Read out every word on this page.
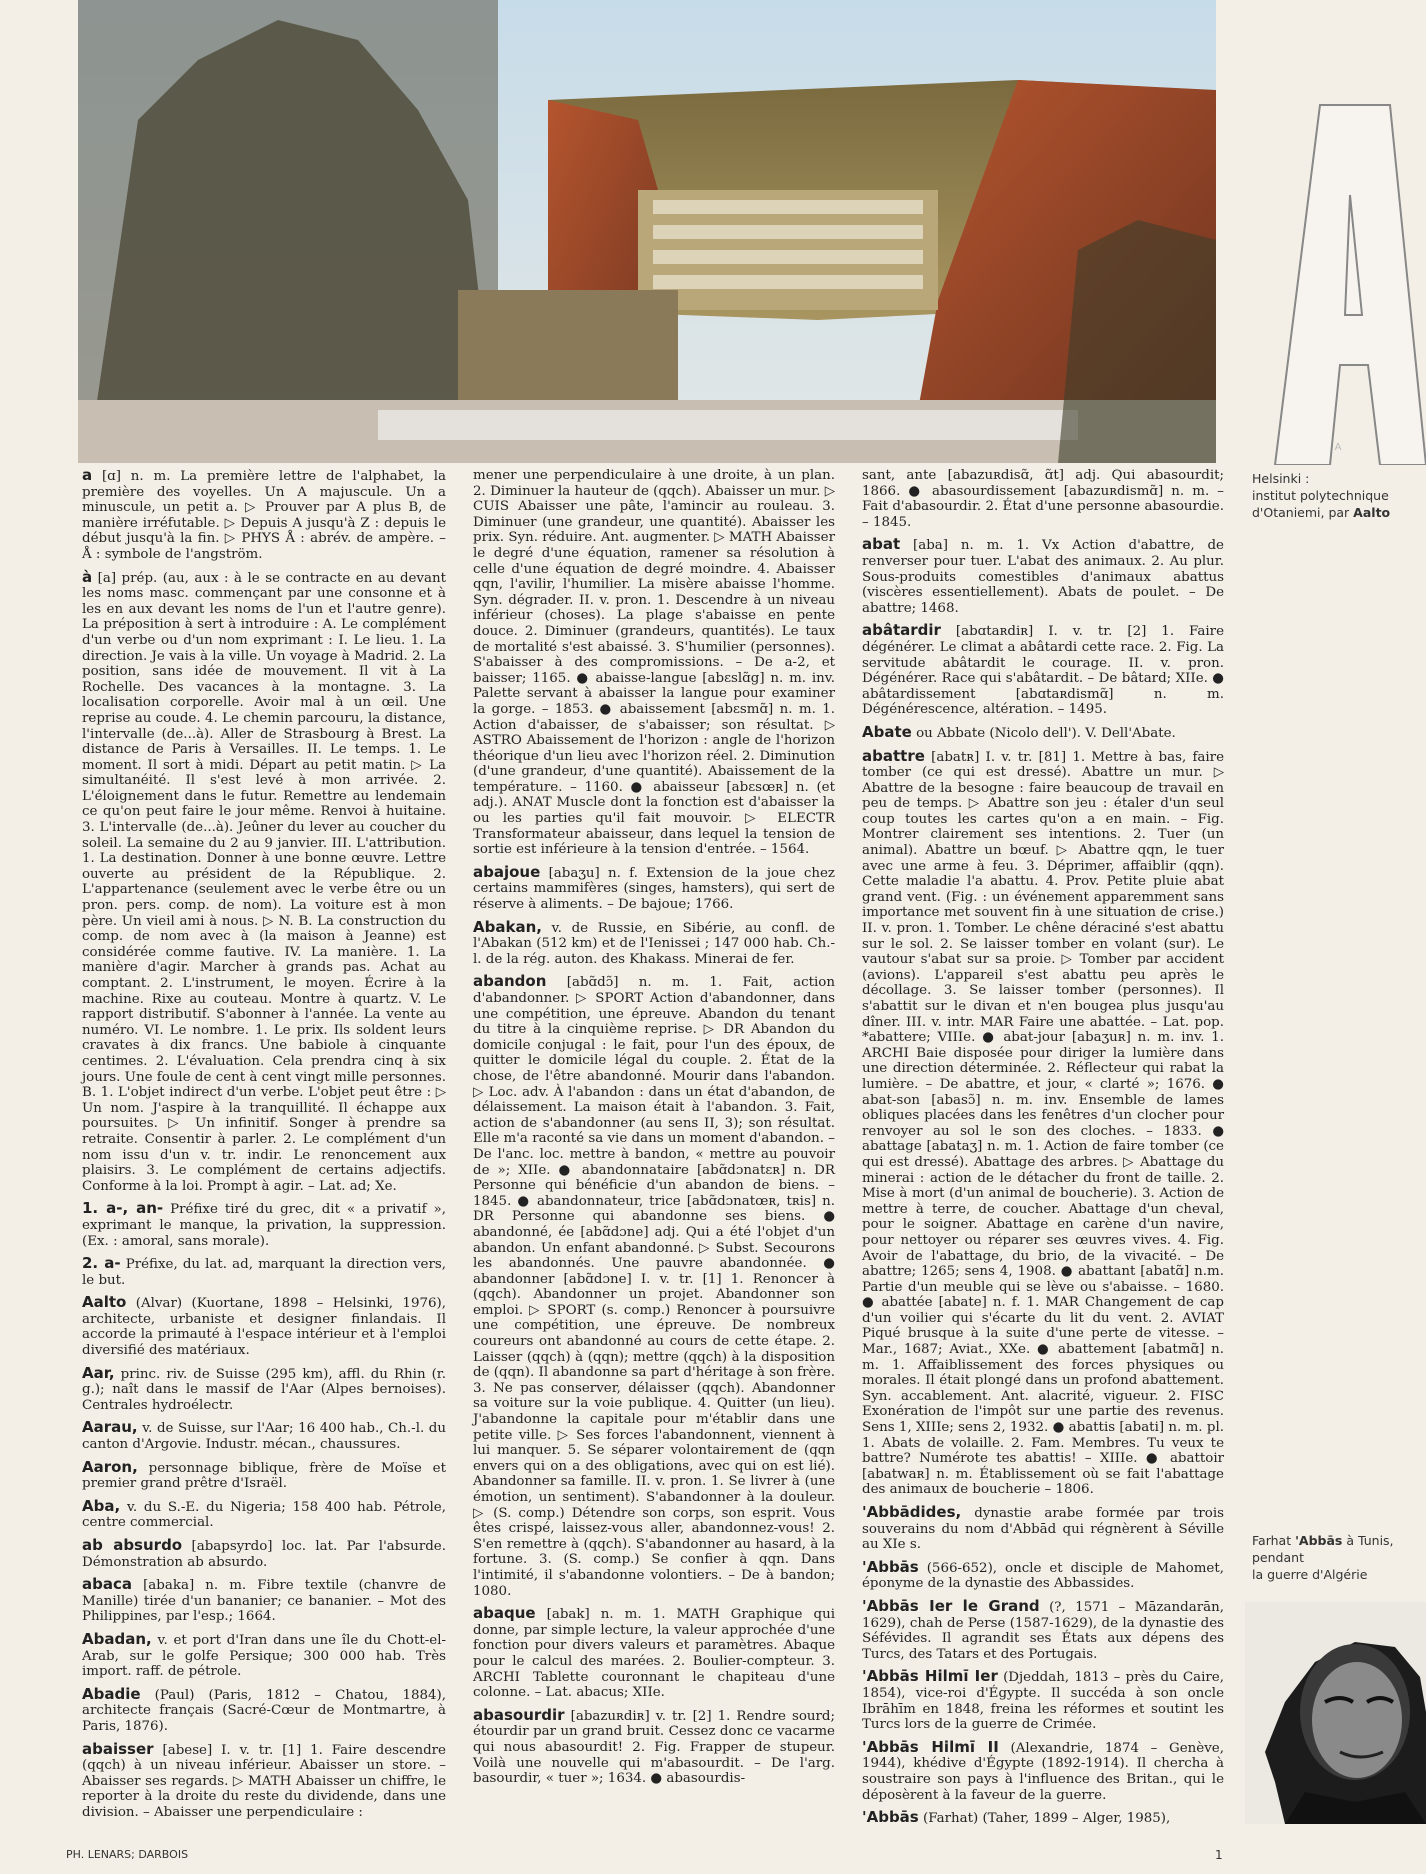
A
Helsinki :
institut polytechnique
d'Otaniemi, par Aalto
a [ɑ] n. m. La première lettre de l'alphabet, la première des voyelles. Un A majuscule. Un a minuscule, un petit a. ▷ Prouver par A plus B, de manière irréfutable. ▷ Depuis A jusqu'à Z : depuis le début jusqu'à la fin. ▷ PHYS Å : abrév. de ampère. – Å : symbole de l'angström.
à [a] prép. (au, aux : à le se contracte en au devant les noms masc. commençant par une consonne et à les en aux devant les noms de l'un et l'autre genre). La préposition à sert à introduire : A. Le complément d'un verbe ou d'un nom exprimant : I. Le lieu. 1. La direction. Je vais à la ville. Un voyage à Madrid. 2. La position, sans idée de mouvement. Il vit à La Rochelle. Des vacances à la montagne. 3. La localisation corporelle. Avoir mal à un œil. Une reprise au coude. 4. Le chemin parcouru, la distance, l'intervalle (de...à). Aller de Strasbourg à Brest. La distance de Paris à Versailles. II. Le temps. 1. Le moment. Il sort à midi. Départ au petit matin. ▷ La simultanéité. Il s'est levé à mon arrivée. 2. L'éloignement dans le futur. Remettre au lendemain ce qu'on peut faire le jour même. Renvoi à huitaine. 3. L'intervalle (de...à). Jeûner du lever au coucher du soleil. La semaine du 2 au 9 janvier. III. L'attribution. 1. La destination. Donner à une bonne œuvre. Lettre ouverte au président de la République. 2. L'appartenance (seulement avec le verbe être ou un pron. pers. comp. de nom). La voiture est à mon père. Un vieil ami à nous. ▷ N. B. La construction du comp. de nom avec à (la maison à Jeanne) est considérée comme fautive. IV. La manière. 1. La manière d'agir. Marcher à grands pas. Achat au comptant. 2. L'instrument, le moyen. Écrire à la machine. Rixe au couteau. Montre à quartz. V. Le rapport distributif. S'abonner à l'année. La vente au numéro. VI. Le nombre. 1. Le prix. Ils soldent leurs cravates à dix francs. Une babiole à cinquante centimes. 2. L'évaluation. Cela prendra cinq à six jours. Une foule de cent à cent vingt mille personnes. B. 1. L'objet indirect d'un verbe. L'objet peut être : ▷ Un nom. J'aspire à la tranquillité. Il échappe aux poursuites. ▷ Un infinitif. Songer à prendre sa retraite. Consentir à parler. 2. Le complément d'un nom issu d'un v. tr. indir. Le renoncement aux plaisirs. 3. Le complément de certains adjectifs. Conforme à la loi. Prompt à agir. – Lat. ad; Xe.
1. a-, an- Préfixe tiré du grec, dit « a privatif », exprimant le manque, la privation, la suppression. (Ex. : amoral, sans morale).
2. a- Préfixe, du lat. ad, marquant la direction vers, le but.
Aalto (Alvar) (Kuortane, 1898 – Helsinki, 1976), architecte, urbaniste et designer finlandais. Il accorde la primauté à l'espace intérieur et à l'emploi diversifié des matériaux.
Aar, princ. riv. de Suisse (295 km), affl. du Rhin (r. g.); naît dans le massif de l'Aar (Alpes bernoises). Centrales hydroélectr.
Aarau, v. de Suisse, sur l'Aar; 16 400 hab., Ch.-l. du canton d'Argovie. Industr. mécan., chaussures.
Aaron, personnage biblique, frère de Moïse et premier grand prêtre d'Israël.
Aba, v. du S.-E. du Nigeria; 158 400 hab. Pétrole, centre commercial.
ab absurdo [abapsyrdo] loc. lat. Par l'absurde. Démonstration ab absurdo.
abaca [abaka] n. m. Fibre textile (chanvre de Manille) tirée d'un bananier; ce bananier. – Mot des Philippines, par l'esp.; 1664.
Abadan, v. et port d'Iran dans une île du Chott-el-Arab, sur le golfe Persique; 300 000 hab. Très import. raff. de pétrole.
Abadie (Paul) (Paris, 1812 – Chatou, 1884), architecte français (Sacré-Cœur de Montmartre, à Paris, 1876).
abaisser [abese] I. v. tr. [1] 1. Faire descendre (qqch) à un niveau inférieur. Abaisser un store. – Abaisser ses regards. ▷ MATH Abaisser un chiffre, le reporter à la droite du reste du dividende, dans une division. – Abaisser une perpendiculaire :
mener une perpendiculaire à une droite, à un plan. 2. Diminuer la hauteur de (qqch). Abaisser un mur. ▷ CUIS Abaisser une pâte, l'amincir au rouleau. 3. Diminuer (une grandeur, une quantité). Abaisser les prix. Syn. réduire. Ant. augmenter. ▷ MATH Abaisser le degré d'une équation, ramener sa résolution à celle d'une équation de degré moindre. 4. Abaisser qqn, l'avilir, l'humilier. La misère abaisse l'homme. Syn. dégrader. II. v. pron. 1. Descendre à un niveau inférieur (choses). La plage s'abaisse en pente douce. 2. Diminuer (grandeurs, quantités). Le taux de mortalité s'est abaissé. 3. S'humilier (personnes). S'abaisser à des compromissions. – De a-2, et baisser; 1165. ● abaisse-langue [abɛslɑ̃g] n. m. inv. Palette servant à abaisser la langue pour examiner la gorge. – 1853. ● abaissement [abɛsmɑ̃] n. m. 1. Action d'abaisser, de s'abaisser; son résultat. ▷ ASTRO Abaissement de l'horizon : angle de l'horizon théorique d'un lieu avec l'horizon réel. 2. Diminution (d'une grandeur, d'une quantité). Abaissement de la température. – 1160. ● abaisseur [abɛsœʀ] n. (et adj.). ANAT Muscle dont la fonction est d'abaisser la ou les parties qu'il fait mouvoir. ▷ ELECTR Transformateur abaisseur, dans lequel la tension de sortie est inférieure à la tension d'entrée. – 1564.
abajoue [abaʒu] n. f. Extension de la joue chez certains mammifères (singes, hamsters), qui sert de réserve à aliments. – De bajoue; 1766.
Abakan, v. de Russie, en Sibérie, au confl. de l'Abakan (512 km) et de l'Ienissei ; 147 000 hab. Ch.-l. de la rég. auton. des Khakass. Minerai de fer.
abandon [abɑ̃dɔ̃] n. m. 1. Fait, action d'abandonner. ▷ SPORT Action d'abandonner, dans une compétition, une épreuve. Abandon du tenant du titre à la cinquième reprise. ▷ DR Abandon du domicile conjugal : le fait, pour l'un des époux, de quitter le domicile légal du couple. 2. État de la chose, de l'être abandonné. Mourir dans l'abandon. ▷ Loc. adv. À l'abandon : dans un état d'abandon, de délaissement. La maison était à l'abandon. 3. Fait, action de s'abandonner (au sens II, 3); son résultat. Elle m'a raconté sa vie dans un moment d'abandon. – De l'anc. loc. mettre à bandon, « mettre au pouvoir de »; XIIe. ● abandonnataire [abɑ̃dɔnatɛʀ] n. DR Personne qui bénéficie d'un abandon de biens. – 1845. ● abandonnateur, trice [abɑ̃dɔnatœʀ, tʀis] n. DR Personne qui abandonne ses biens. ● abandonné, ée [abɑ̃dɔne] adj. Qui a été l'objet d'un abandon. Un enfant abandonné. ▷ Subst. Secourons les abandonnés. Une pauvre abandonnée. ● abandonner [abɑ̃dɔne] I. v. tr. [1] 1. Renoncer à (qqch). Abandonner un projet. Abandonner son emploi. ▷ SPORT (s. comp.) Renoncer à poursuivre une compétition, une épreuve. De nombreux coureurs ont abandonné au cours de cette étape. 2. Laisser (qqch) à (qqn); mettre (qqch) à la disposition de (qqn). Il abandonne sa part d'héritage à son frère. 3. Ne pas conserver, délaisser (qqch). Abandonner sa voiture sur la voie publique. 4. Quitter (un lieu). J'abandonne la capitale pour m'établir dans une petite ville. ▷ Ses forces l'abandonnent, viennent à lui manquer. 5. Se séparer volontairement de (qqn envers qui on a des obligations, avec qui on est lié). Abandonner sa famille. II. v. pron. 1. Se livrer à (une émotion, un sentiment). S'abandonner à la douleur. ▷ (S. comp.) Détendre son corps, son esprit. Vous êtes crispé, laissez-vous aller, abandonnez-vous! 2. S'en remettre à (qqch). S'abandonner au hasard, à la fortune. 3. (S. comp.) Se confier à qqn. Dans l'intimité, il s'abandonne volontiers. – De à bandon; 1080.
abaque [abak] n. m. 1. MATH Graphique qui donne, par simple lecture, la valeur approchée d'une fonction pour divers valeurs et paramètres. Abaque pour le calcul des marées. 2. Boulier-compteur. 3. ARCHI Tablette couronnant le chapiteau d'une colonne. – Lat. abacus; XIIe.
abasourdir [abazuʀdiʀ] v. tr. [2] 1. Rendre sourd; étourdir par un grand bruit. Cessez donc ce vacarme qui nous abasourdit! 2. Fig. Frapper de stupeur. Voilà une nouvelle qui m'abasourdit. – De l'arg. basourdir, « tuer »; 1634. ● abasourdis-
sant, ante [abazuʀdisɑ̃, ɑ̃t] adj. Qui abasourdit; 1866. ● abasourdissement [abazuʀdismɑ̃] n. m. – Fait d'abasourdir. 2. État d'une personne abasourdie. – 1845.
abat [aba] n. m. 1. Vx Action d'abattre, de renverser pour tuer. L'abat des animaux. 2. Au plur. Sous-produits comestibles d'animaux abattus (viscères essentiellement). Abats de poulet. – De abattre; 1468.
abâtardir [abɑtaʀdiʀ] I. v. tr. [2] 1. Faire dégénérer. Le climat a abâtardi cette race. 2. Fig. La servitude abâtardit le courage. II. v. pron. Dégénérer. Race qui s'abâtardit. – De bâtard; XIIe. ● abâtardissement [abɑtaʀdismɑ̃] n. m. Dégénérescence, altération. – 1495.
Abate ou Abbate (Nicolo dell'). V. Dell'Abate.
abattre [abatʀ] I. v. tr. [81] 1. Mettre à bas, faire tomber (ce qui est dressé). Abattre un mur. ▷ Abattre de la besogne : faire beaucoup de travail en peu de temps. ▷ Abattre son jeu : étaler d'un seul coup toutes les cartes qu'on a en main. – Fig. Montrer clairement ses intentions. 2. Tuer (un animal). Abattre un bœuf. ▷ Abattre qqn, le tuer avec une arme à feu. 3. Déprimer, affaiblir (qqn). Cette maladie l'a abattu. 4. Prov. Petite pluie abat grand vent. (Fig. : un événement apparemment sans importance met souvent fin à une situation de crise.) II. v. pron. 1. Tomber. Le chêne déraciné s'est abattu sur le sol. 2. Se laisser tomber en volant (sur). Le vautour s'abat sur sa proie. ▷ Tomber par accident (avions). L'appareil s'est abattu peu après le décollage. 3. Se laisser tomber (personnes). Il s'abattit sur le divan et n'en bougea plus jusqu'au dîner. III. v. intr. MAR Faire une abattée. – Lat. pop. *abattere; VIIIe. ● abat-jour [abaʒuʀ] n. m. inv. 1. ARCHI Baie disposée pour diriger la lumière dans une direction déterminée. 2. Réflecteur qui rabat la lumière. – De abattre, et jour, « clarté »; 1676. ● abat-son [abasɔ̃] n. m. inv. Ensemble de lames obliques placées dans les fenêtres d'un clocher pour renvoyer au sol le son des cloches. – 1833. ● abattage [abataʒ] n. m. 1. Action de faire tomber (ce qui est dressé). Abattage des arbres. ▷ Abattage du minerai : action de le détacher du front de taille. 2. Mise à mort (d'un animal de boucherie). 3. Action de mettre à terre, de coucher. Abattage d'un cheval, pour le soigner. Abattage en carène d'un navire, pour nettoyer ou réparer ses œuvres vives. 4. Fig. Avoir de l'abattage, du brio, de la vivacité. – De abattre; 1265; sens 4, 1908. ● abattant [abatɑ̃] n.m. Partie d'un meuble qui se lève ou s'abaisse. – 1680. ● abattée [abate] n. f. 1. MAR Changement de cap d'un voilier qui s'écarte du lit du vent. 2. AVIAT Piqué brusque à la suite d'une perte de vitesse. – Mar., 1687; Aviat., XXe. ● abattement [abatmɑ̃] n. m. 1. Affaiblissement des forces physiques ou morales. Il était plongé dans un profond abattement. Syn. accablement. Ant. alacrité, vigueur. 2. FISC Exonération de l'impôt sur une partie des revenus. Sens 1, XIIIe; sens 2, 1932. ● abattis [abati] n. m. pl. 1. Abats de volaille. 2. Fam. Membres. Tu veux te battre? Numérote tes abattis! – XIIIe. ● abattoir [abatwaʀ] n. m. Établissement où se fait l'abattage des animaux de boucherie – 1806.
'Abbādides, dynastie arabe formée par trois souverains du nom d'Abbād qui régnèrent à Séville au XIe s.
'Abbās (566-652), oncle et disciple de Mahomet, éponyme de la dynastie des Abbassides.
'Abbās Ier le Grand (?, 1571 – Māzandarān, 1629), chah de Perse (1587-1629), de la dynastie des Séfévides. Il agrandit ses États aux dépens des Turcs, des Tatars et des Portugais.
'Abbās Hilmī Ier (Djeddah, 1813 – près du Caire, 1854), vice-roi d'Égypte. Il succéda à son oncle Ibrāhīm en 1848, freina les réformes et soutint les Turcs lors de la guerre de Crimée.
'Abbās Hilmī II (Alexandrie, 1874 – Genève, 1944), khédive d'Égypte (1892-1914). Il chercha à soustraire son pays à l'influence des Britan., qui le déposèrent à la faveur de la guerre.
'Abbās (Farhat) (Taher, 1899 – Alger, 1985),
Farhat 'Abbās à Tunis,
pendant
la guerre d'Algérie
PH. LENARS; DARBOIS	1
